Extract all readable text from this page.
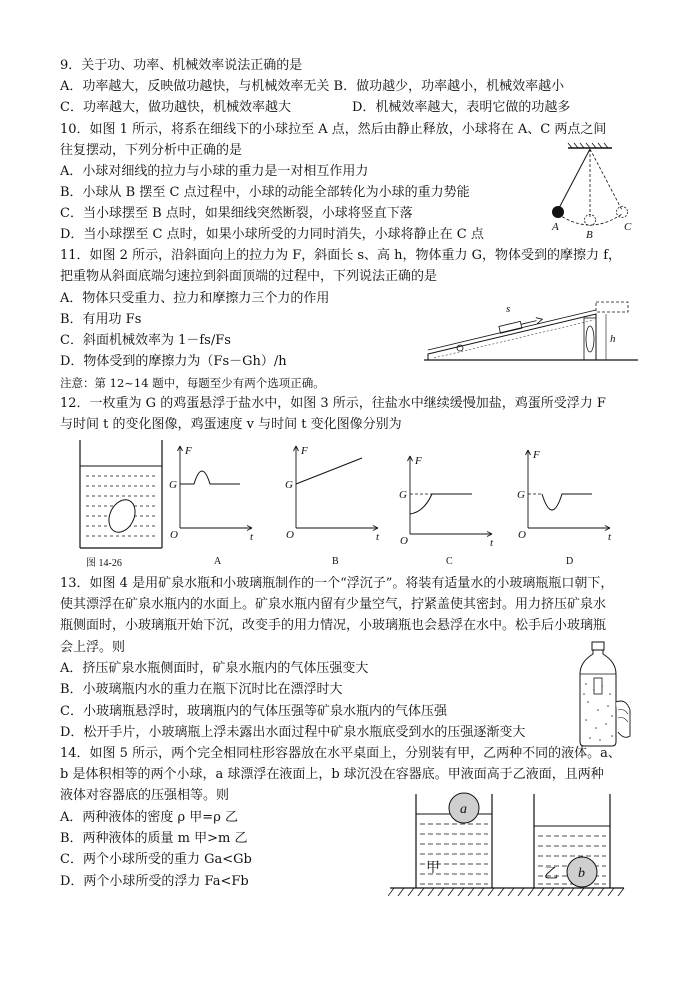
9．关于功、功率、机械效率说法正确的是
A．功率越大，反映做功越快，与机械效率无关 B．做功越少，功率越小，机械效率越小
C．功率越大，做功越快，机械效率越大	D．机械效率越大，表明它做的功越多
10．如图 1 所示，将系在细线下的小球拉至 A 点，然后由静止释放，小球将在 A、C 两点之间
往复摆动，下列分析中正确的是
A．小球对细线的拉力与小球的重力是一对相互作用力
B．小球从 B 摆至 C 点过程中，小球的动能全部转化为小球的重力势能
C．当小球摆至 B 点时，如果细线突然断裂，小球将竖直下落
D．当小球摆至 C 点时，如果小球所受的力同时消失，小球将静止在 C 点	A
B
C
11．如图 2 所示，沿斜面向上的拉力为 F，斜面长 s、高 h，物体重力 G，物体受到的摩擦力 f，
把重物从斜面底端匀速拉到斜面顶端的过程中，下列说法正确的是
A．物体只受重力、拉力和摩擦力三个力的作用
B．有用功 Fs
C．斜面机械效率为 1－fs/Fs
D．物体受到的摩擦力为（Fs－Gh）/h
s
h
注意：第 12~14 题中，每题至少有两个选项正确。
12．一枚重为 G 的鸡蛋悬浮于盐水中，如图 3 所示，往盐水中继续缓慢加盐，鸡蛋所受浮力 F
与时间 t 的变化图像，鸡蛋速度 v 与时间 t 变化图像分别为
图 14-26
F
G
O	t
A
F
G
O	t
B
F
G
O	t
C
F
G
O	t
D
13．如图 4 是用矿泉水瓶和小玻璃瓶制作的一个“浮沉子”。将装有适量水的小玻璃瓶瓶口朝下，
使其漂浮在矿泉水瓶内的水面上。矿泉水瓶内留有少量空气，拧紧盖使其密封。用力挤压矿泉水
瓶侧面时，小玻璃瓶开始下沉，改变手的用力情况，小玻璃瓶也会悬浮在水中。松手后小玻璃瓶
会上浮。则
A．挤压矿泉水瓶侧面时，矿泉水瓶内的气体压强变大
B．小玻璃瓶内水的重力在瓶下沉时比在漂浮时大
C．小玻璃瓶悬浮时，玻璃瓶内的气体压强等矿泉水瓶内的气体压强
D．松开手片，小玻璃瓶上浮未露出水面过程中矿泉水瓶底受到水的压强逐渐变大
14．如图 5 所示，两个完全相同柱形容器放在水平桌面上，分别装有甲，乙两种不同的液体。a、
b 是体积相等的两个小球，a 球漂浮在液面上，b 球沉没在容器底。甲液面高于乙液面，且两种
液体对容器底的压强相等。则
A．两种液体的密度 ρ 甲=ρ 乙
B．两种液体的质量 m 甲>m 乙
C．两个小球所受的重力 Ga<Gb
D．两个小球所受的浮力 Fa<Fb
a
甲	b
乙
